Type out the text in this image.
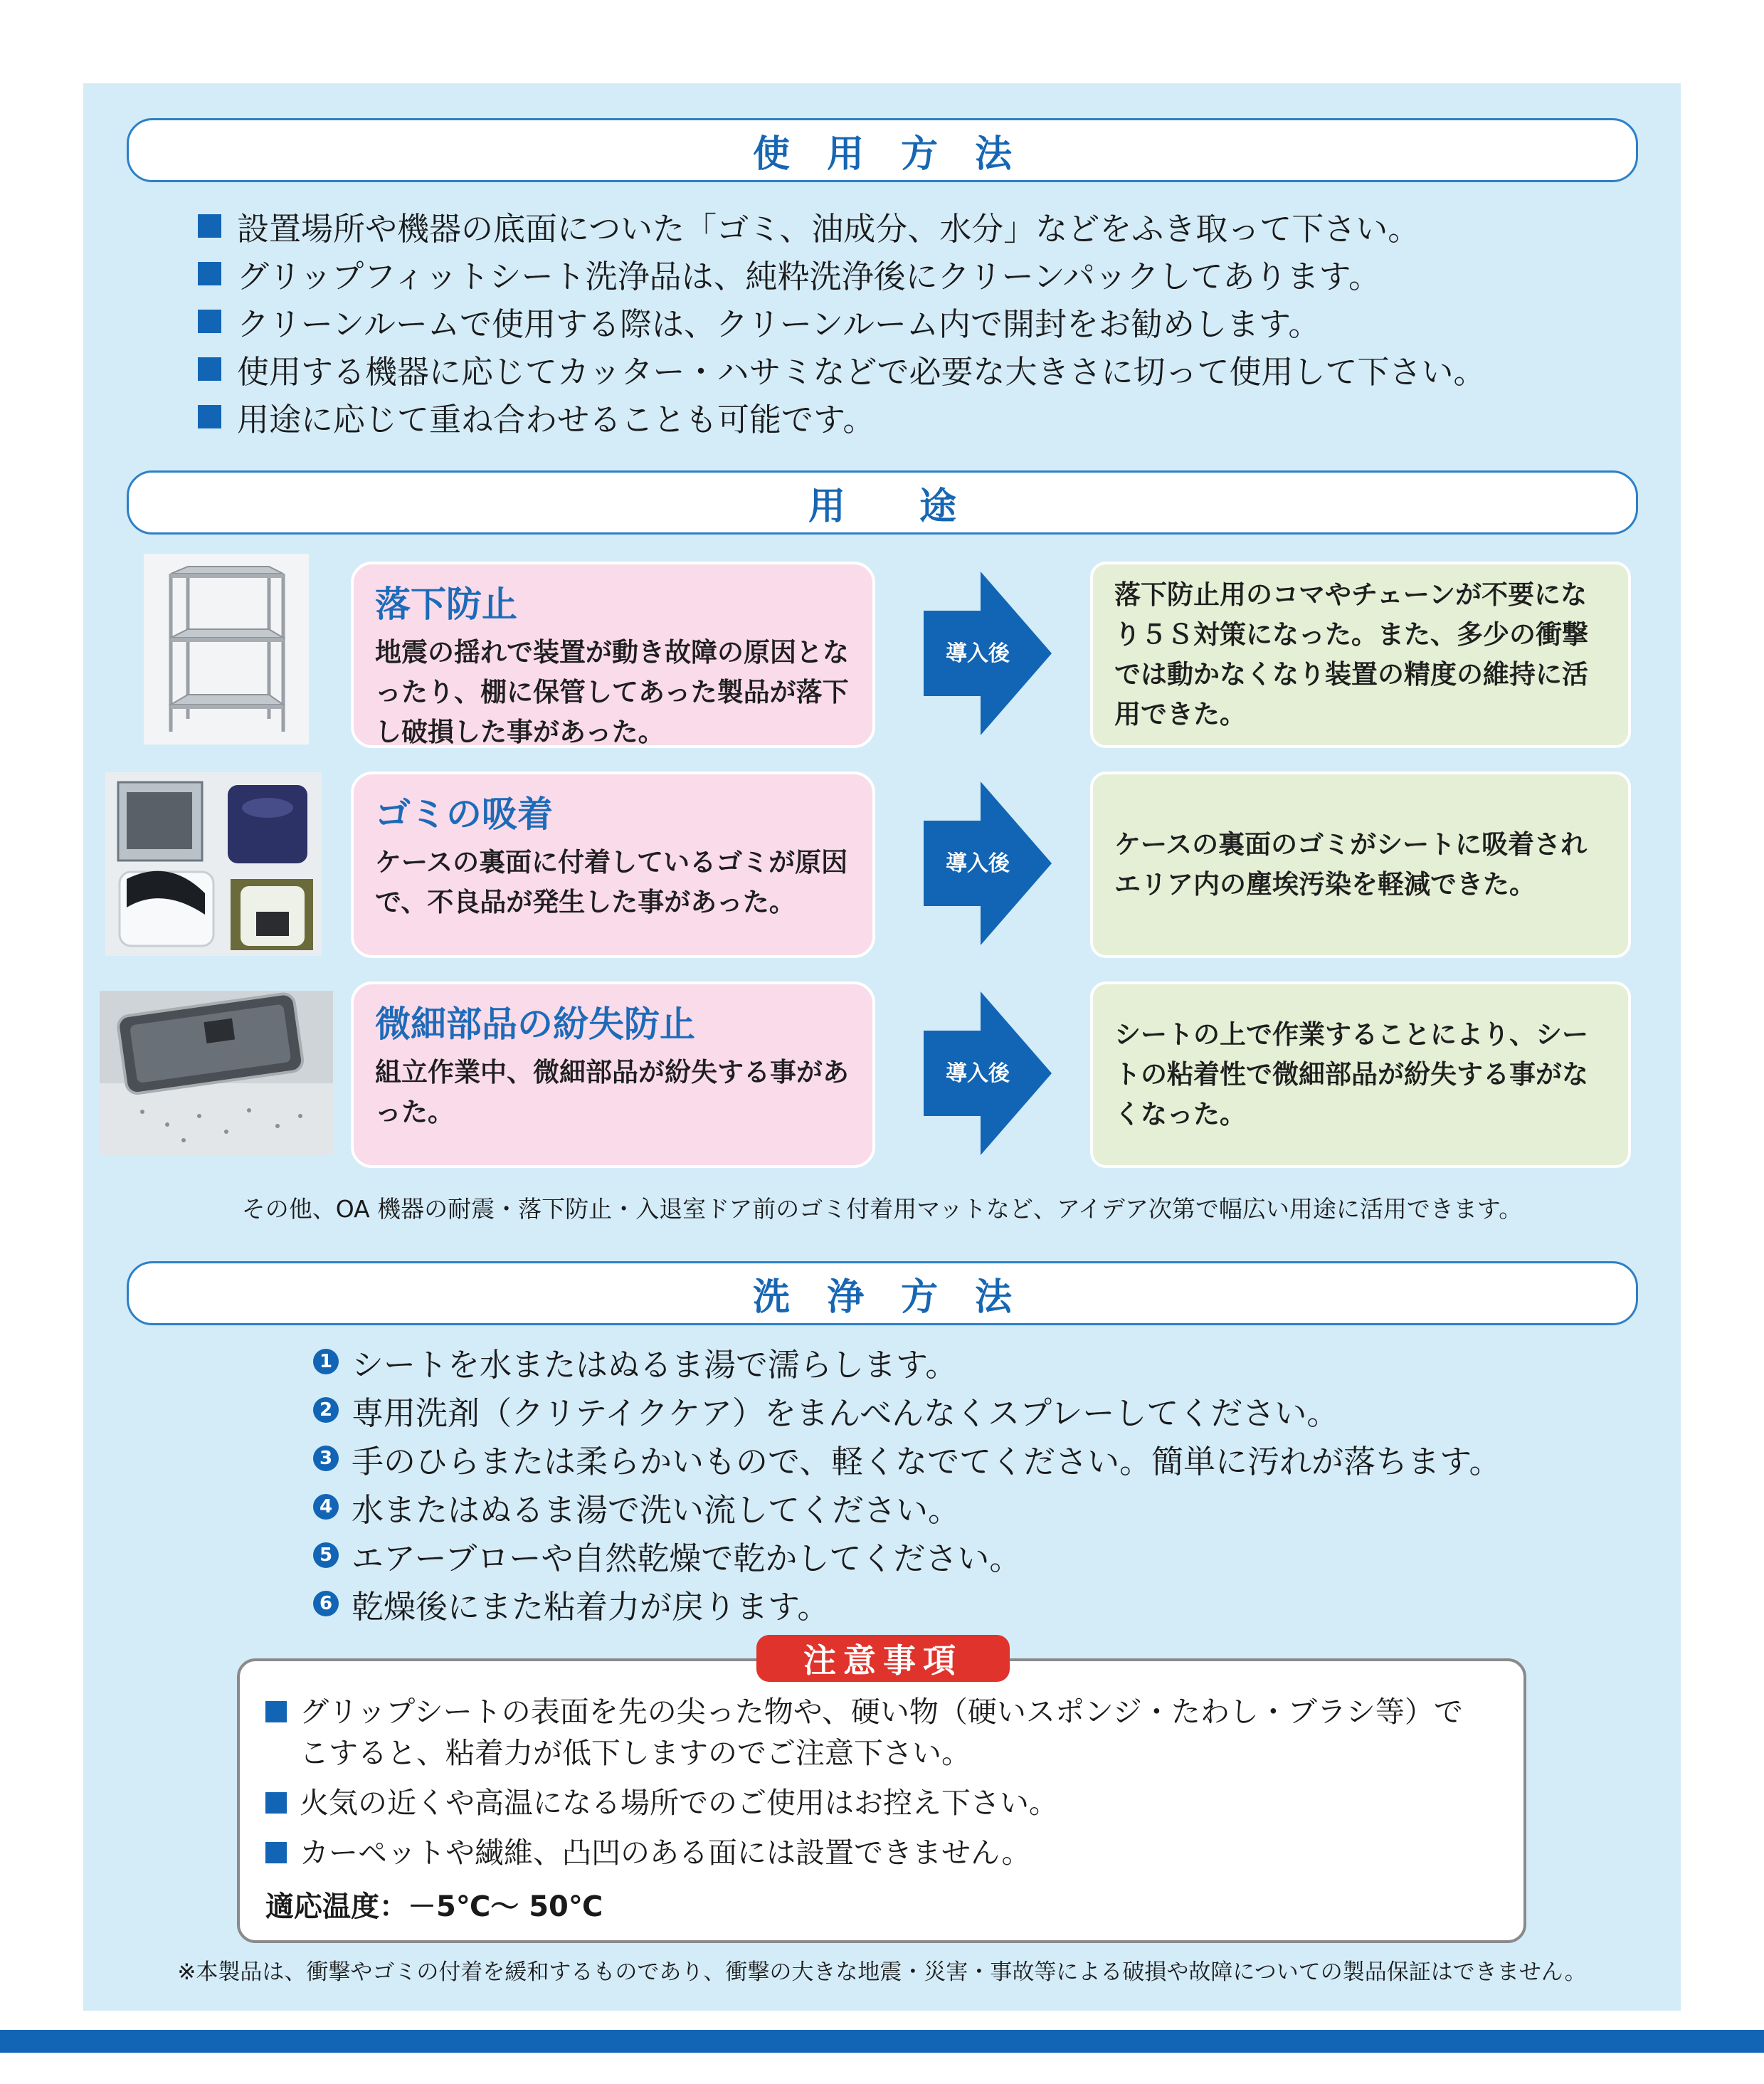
使　用　方　法
設置場所や機器の底面についた「ゴミ、油成分、水分」などをふき取って下さい。
グリップフィットシート洗浄品は、純粋洗浄後にクリーンパックしてあります。
クリーンルームで使用する際は、クリーンルーム内で開封をお勧めします。
使用する機器に応じてカッター・ハサミなどで必要な大きさに切って使用して下さい。
用途に応じて重ね合わせることも可能です。
用　　途
落下防止
地震の揺れで装置が動き故障の原因となったり、棚に保管してあった製品が落下し破損した事があった。
導入後
落下防止用のコマやチェーンが不要になり５Ｓ対策になった。また、多少の衝撃では動かなくなり装置の精度の維持に活用できた。
ゴミの吸着
ケースの裏面に付着しているゴミが原因で、不良品が発生した事があった。
導入後
ケースの裏面のゴミがシートに吸着されエリア内の塵埃汚染を軽減できた。
微細部品の紛失防止
組立作業中、微細部品が紛失する事があった。
導入後
シートの上で作業することにより、シートの粘着性で微細部品が紛失する事がなくなった。
その他、OA 機器の耐震・落下防止・入退室ドア前のゴミ付着用マットなど、アイデア次第で幅広い用途に活用できます。
洗　浄　方　法
1 シートを水またはぬるま湯で濡らします。
2 専用洗剤（クリテイクケア）をまんべんなくスプレーしてください。
3 手のひらまたは柔らかいもので、軽くなでてください。簡単に汚れが落ちます。
4 水またはぬるま湯で洗い流してください。
5 エアーブローや自然乾燥で乾かしてください。
6 乾燥後にまた粘着力が戻ります。
注意事項
グリップシートの表面を先の尖った物や、硬い物（硬いスポンジ・たわし・ブラシ等）で
こすると、粘着力が低下しますのでご注意下さい。
火気の近くや高温になる場所でのご使用はお控え下さい。
カーペットや繊維、凸凹のある面には設置できません。
適応温度：－5℃～ 50℃
※本製品は、衝撃やゴミの付着を緩和するものであり、衝撃の大きな地震・災害・事故等による破損や故障についての製品保証はできません。
